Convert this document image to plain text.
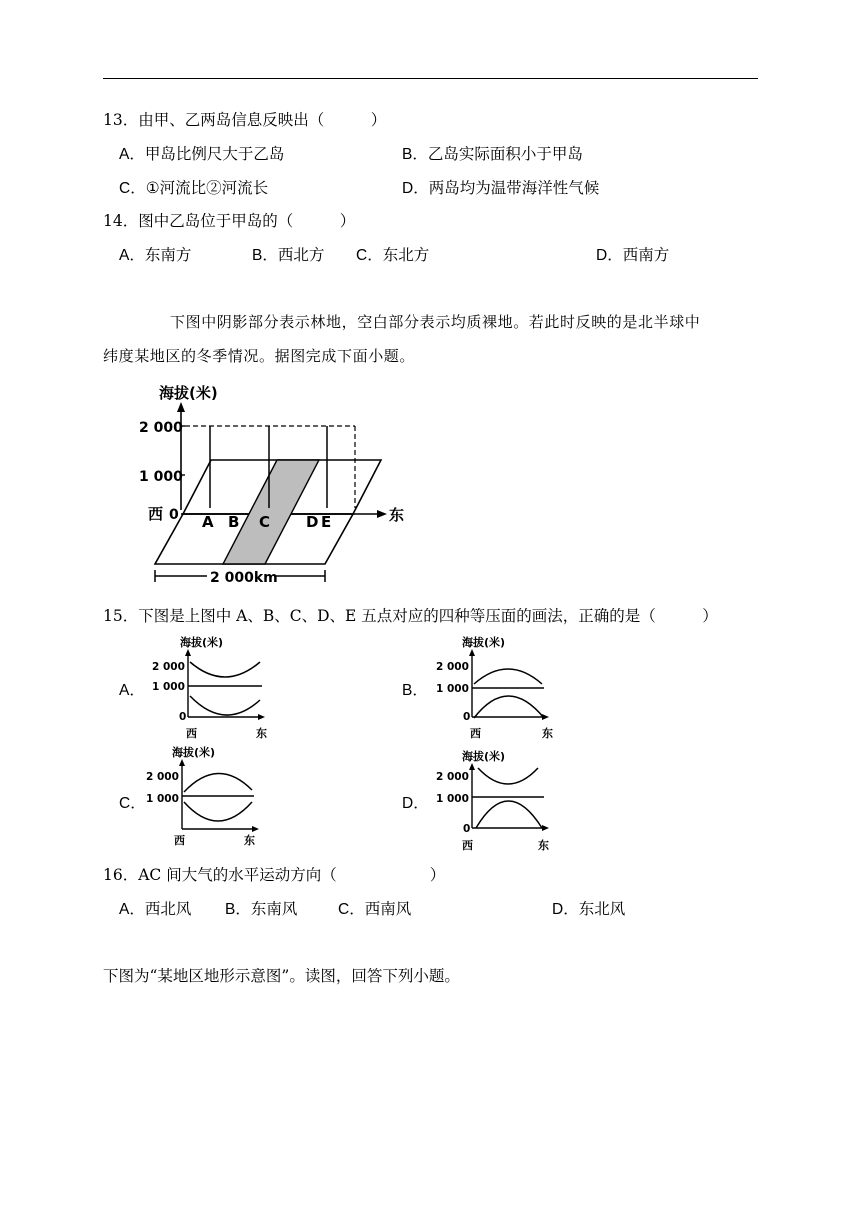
13．由甲、乙两岛信息反映出（　　　）
A．甲岛比例尺大于乙岛	B．乙岛实际面积小于甲岛
C．①河流比②河流长	D．两岛均为温带海洋性气候
14．图中乙岛位于甲岛的（　　　）
A．东南方	B．西北方 C．东北方	D．西南方
下图中阴影部分表示林地，空白部分表示均质裸地。若此时反映的是北半球中
纬度某地区的冬季情况。据图完成下面小题。
海拔(米)
2 000
1 000
西 0	东
A B C D E
2 000km
15．下图是上图中 A、B、C、D、E 五点对应的四种等压面的画法，正确的是（　　　）
A．	B．
C．	D．
海拔(米)
2 000
1 000
0
西	东
海拔(米)
2 000
1 000
0
西	东
海拔(米)
2 000
1 000
西	东
海拔(米)
2 000
1 000
0
西	东
16．AC 间大气的水平运动方向（　　　　　　）
A．西北风 B．东南风	C．西南风	D．东北风
下图为“某地区地形示意图”。读图，回答下列小题。
